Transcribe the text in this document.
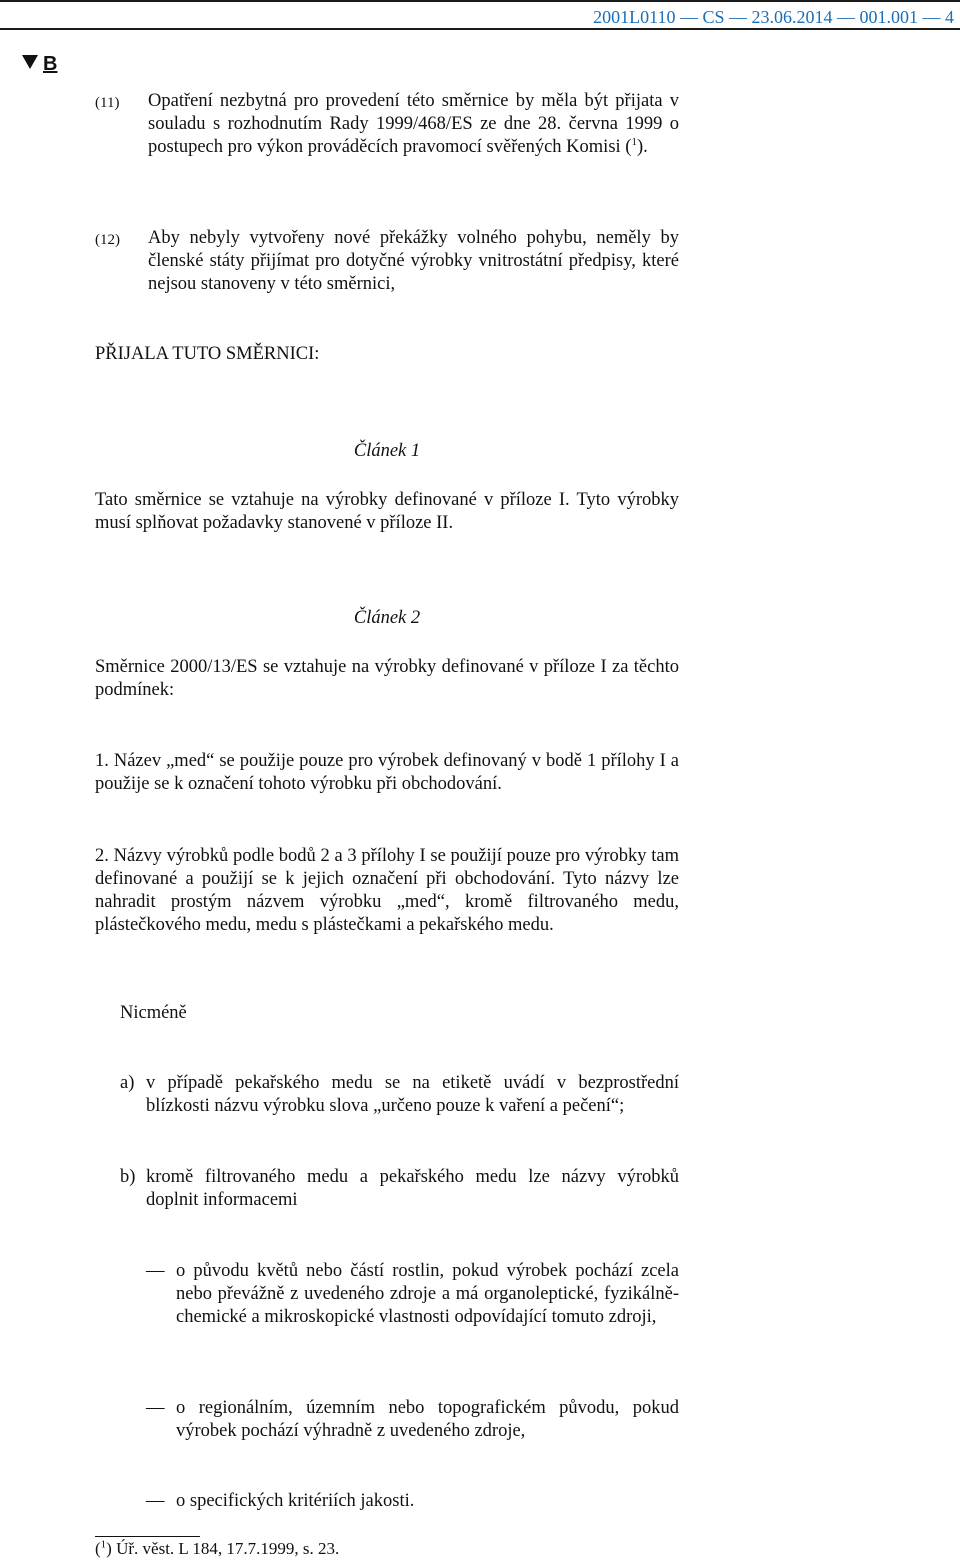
2001L0110 — CS — 23.06.2014 — 001.001 — 4
B
(11) Opatření nezbytná pro provedení této směrnice by měla být přijata v souladu s rozhodnutím Rady 1999/468/ES ze dne 28. června 1999 o postupech pro výkon prováděcích pravomocí svěřených Komisi ($^1$).
(12) Aby nebyly vytvořeny nové překážky volného pohybu, neměly by členské státy přijímat pro dotyčné výrobky vnitrostátní předpisy, které nejsou stanoveny v této směrnici,
PŘIJALA TUTO SMĚRNICI:
Článek 1
Tato směrnice se vztahuje na výrobky definované v příloze I. Tyto výrobky musí splňovat požadavky stanovené v příloze II.
Článek 2
Směrnice 2000/13/ES se vztahuje na výrobky definované v příloze I za těchto podmínek:
1. Název „med“ se použije pouze pro výrobek definovaný v bodě 1 přílohy I a použije se k označení tohoto výrobku při obchodování.
2. Názvy výrobků podle bodů 2 a 3 přílohy I se použijí pouze pro výrobky tam definované a použijí se k jejich označení při obchodování. Tyto názvy lze nahradit prostým názvem výrobku „med“, kromě filtrovaného medu, plástečkového medu, medu s plástečkami a pekařského medu.
Nicméně
a) v případě pekařského medu se na etiketě uvádí v bezprostřední blízkosti názvu výrobku slova „určeno pouze k vaření a pečení“;
b) kromě filtrovaného medu a pekařského medu lze názvy výrobků doplnit informacemi
— o původu květů nebo částí rostlin, pokud výrobek pochází zcela nebo převážně z uvedeného zdroje a má organoleptické, fyzikálně-chemické a mikroskopické vlastnosti odpovídající tomuto zdroji,
— o regionálním, územním nebo topografickém původu, pokud výrobek pochází výhradně z uvedeného zdroje,
— o specifických kritériích jakosti.
($^1$) Úř. věst. L 184, 17.7.1999, s. 23.
